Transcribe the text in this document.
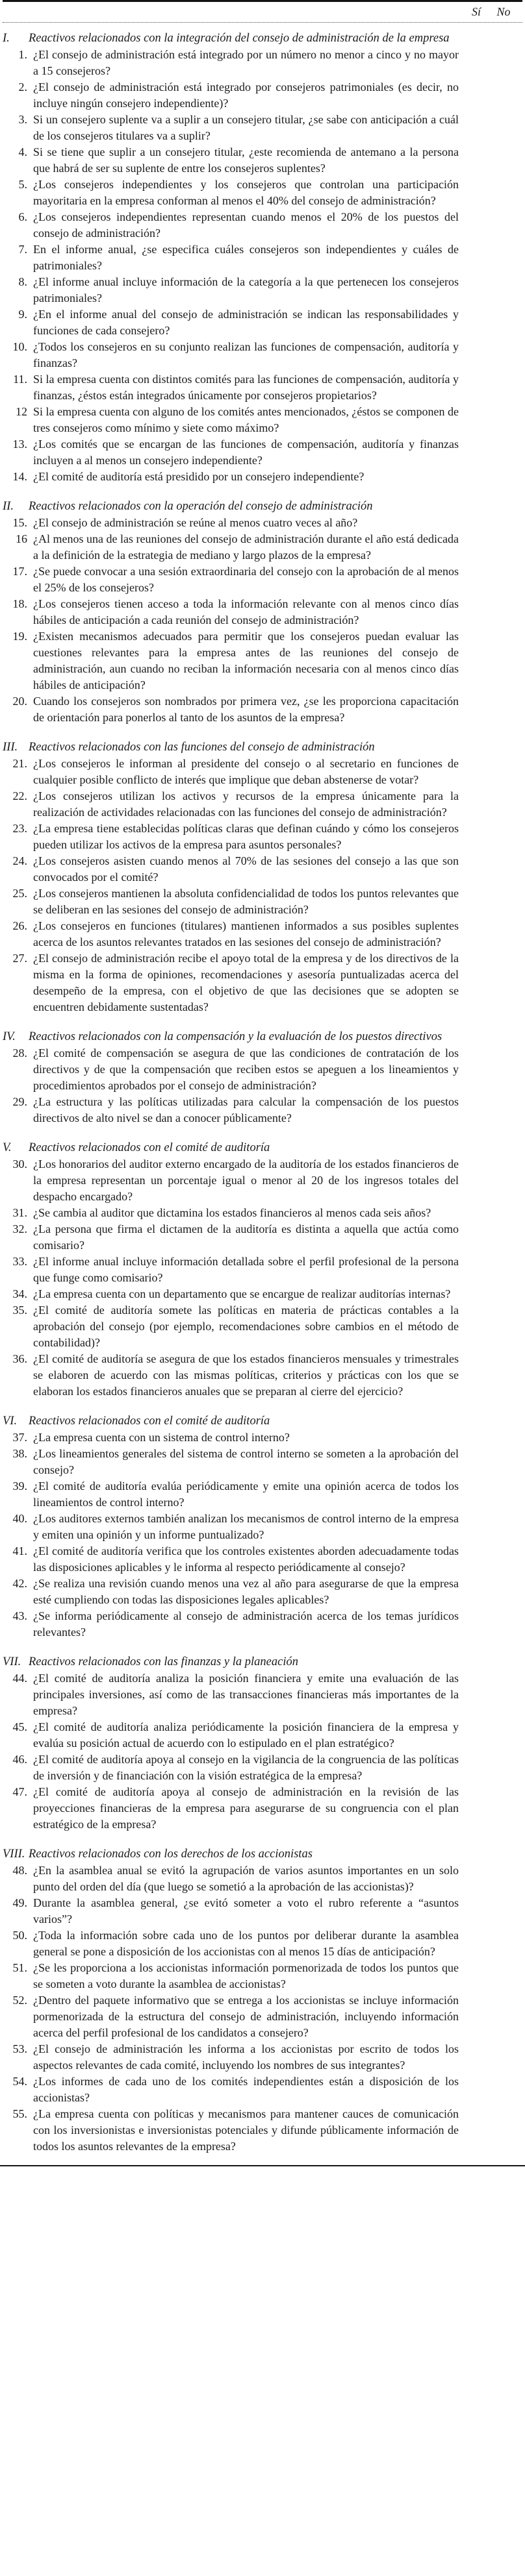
Sí	No
I.	Reactivos relacionados con la integración del consejo de administración de la empresa
1. ¿El consejo de administración está integrado por un número no menor a cinco y no mayor a 15 consejeros?
2. ¿El consejo de administración está integrado por consejeros patrimoniales (es decir, no incluye ningún consejero independiente)?
3. Si un consejero suplente va a suplir a un consejero titular, ¿se sabe con anticipación a cuál de los consejeros titulares va a suplir?
4. Si se tiene que suplir a un consejero titular, ¿este recomienda de antemano a la persona que habrá de ser su suplente de entre los consejeros suplentes?
5. ¿Los consejeros independientes y los consejeros que controlan una participación mayoritaria en la empresa conforman al menos el 40% del consejo de administración?
6. ¿Los consejeros independientes representan cuando menos el 20% de los puestos del consejo de administración?
7. En el informe anual, ¿se especifica cuáles consejeros son independientes y cuáles de patrimoniales?
8. ¿El informe anual incluye información de la categoría a la que pertenecen los consejeros patrimoniales?
9. ¿En el informe anual del consejo de administración se indican las responsabilidades y funciones de cada consejero?
10. ¿Todos los consejeros en su conjunto realizan las funciones de compensación, auditoría y finanzas?
11. Si la empresa cuenta con distintos comités para las funciones de compensación, auditoría y finanzas, ¿éstos están integrados únicamente por consejeros propietarios?
12 Si la empresa cuenta con alguno de los comités antes mencionados, ¿éstos se componen de tres consejeros como mínimo y siete como máximo?
13. ¿Los comités que se encargan de las funciones de compensación, auditoría y finanzas incluyen a al menos un consejero independiente?
14. ¿El comité de auditoría está presidido por un consejero independiente?
II.	Reactivos relacionados con la operación del consejo de administración
15. ¿El consejo de administración se reúne al menos cuatro veces al año?
16 ¿Al menos una de las reuniones del consejo de administración durante el año está dedicada a la definición de la estrategia de mediano y largo plazos de la empresa?
17. ¿Se puede convocar a una sesión extraordinaria del consejo con la aprobación de al menos el 25% de los consejeros?
18. ¿Los consejeros tienen acceso a toda la información relevante con al menos cinco días hábiles de anticipación a cada reunión del consejo de administración?
19. ¿Existen mecanismos adecuados para permitir que los consejeros puedan evaluar las cuestiones relevantes para la empresa antes de las reuniones del consejo de administración, aun cuando no reciban la información necesaria con al menos cinco días hábiles de anticipación?
20. Cuando los consejeros son nombrados por primera vez, ¿se les proporciona capacitación de orientación para ponerlos al tanto de los asuntos de la empresa?
III. Reactivos relacionados con las funciones del consejo de administración
21. ¿Los consejeros le informan al presidente del consejo o al secretario en funciones de cualquier posible conflicto de interés que implique que deban abstenerse de votar?
22. ¿Los consejeros utilizan los activos y recursos de la empresa únicamente para la realización de actividades relacionadas con las funciones del consejo de administración?
23. ¿La empresa tiene establecidas políticas claras que definan cuándo y cómo los consejeros pueden utilizar los activos de la empresa para asuntos personales?
24. ¿Los consejeros asisten cuando menos al 70% de las sesiones del consejo a las que son convocados por el comité?
25. ¿Los consejeros mantienen la absoluta confidencialidad de todos los puntos relevantes que se deliberan en las sesiones del consejo de administración?
26. ¿Los consejeros en funciones (titulares) mantienen informados a sus posibles suplentes acerca de los asuntos relevantes tratados en las sesiones del consejo de administración?
27. ¿El consejo de administración recibe el apoyo total de la empresa y de los directivos de la misma en la forma de opiniones, recomendaciones y asesoría puntualizadas acerca del desempeño de la empresa, con el objetivo de que las decisiones que se adopten se encuentren debidamente sustentadas?
IV.	Reactivos relacionados con la compensación y la evaluación de los puestos directivos
28. ¿El comité de compensación se asegura de que las condiciones de contratación de los directivos y de que la compensación que reciben estos se apeguen a los lineamientos y procedimientos aprobados por el consejo de administración?
29. ¿La estructura y las políticas utilizadas para calcular la compensación de los puestos directivos de alto nivel se dan a conocer públicamente?
V.	Reactivos relacionados con el comité de auditoría
30. ¿Los honorarios del auditor externo encargado de la auditoría de los estados financieros de la empresa representan un porcentaje igual o menor al 20 de los ingresos totales del despacho encargado?
31. ¿Se cambia al auditor que dictamina los estados financieros al menos cada seis años?
32. ¿La persona que firma el dictamen de la auditoría es distinta a aquella que actúa como comisario?
33. ¿El informe anual incluye información detallada sobre el perfil profesional de la persona que funge como comisario?
34. ¿La empresa cuenta con un departamento que se encargue de realizar auditorías internas?
35. ¿El comité de auditoría somete las políticas en materia de prácticas contables a la aprobación del consejo (por ejemplo, recomendaciones sobre cambios en el método de contabilidad)?
36. ¿El comité de auditoría se asegura de que los estados financieros mensuales y trimestrales se elaboren de acuerdo con las mismas políticas, criterios y prácticas con los que se elaboran los estados financieros anuales que se preparan al cierre del ejercicio?
VI. Reactivos relacionados con el comité de auditoría
37. ¿La empresa cuenta con un sistema de control interno?
38. ¿Los lineamientos generales del sistema de control interno se someten a la aprobación del consejo?
39. ¿El comité de auditoría evalúa periódicamente y emite una opinión acerca de todos los lineamientos de control interno?
40. ¿Los auditores externos también analizan los mecanismos de control interno de la empresa y emiten una opinión y un informe puntualizado?
41. ¿El comité de auditoría verifica que los controles existentes aborden adecuadamente todas las disposiciones aplicables y le informa al respecto periódicamente al consejo?
42. ¿Se realiza una revisión cuando menos una vez al año para asegurarse de que la empresa esté cumpliendo con todas las disposiciones legales aplicables?
43. ¿Se informa periódicamente al consejo de administración acerca de los temas jurídicos relevantes?
VII. Reactivos relacionados con las finanzas y la planeación
44. ¿El comité de auditoría analiza la posición financiera y emite una evaluación de las principales inversiones, así como de las transacciones financieras más importantes de la empresa?
45. ¿El comité de auditoría analiza periódicamente la posición financiera de la empresa y evalúa su posición actual de acuerdo con lo estipulado en el plan estratégico?
46. ¿El comité de auditoría apoya al consejo en la vigilancia de la congruencia de las políticas de inversión y de financiación con la visión estratégica de la empresa?
47. ¿El comité de auditoría apoya al consejo de administración en la revisión de las proyecciones financieras de la empresa para asegurarse de su congruencia con el plan estratégico de la empresa?
VIII. Reactivos relacionados con los derechos de los accionistas
48. ¿En la asamblea anual se evitó la agrupación de varios asuntos importantes en un solo punto del orden del día (que luego se sometió a la aprobación de las accionistas)?
49. Durante la asamblea general, ¿se evitó someter a voto el rubro referente a “asuntos varios”?
50. ¿Toda la información sobre cada uno de los puntos por deliberar durante la asamblea general se pone a disposición de los accionistas con al menos 15 días de anticipación?
51. ¿Se les proporciona a los accionistas información pormenorizada de todos los puntos que se someten a voto durante la asamblea de accionistas?
52. ¿Dentro del paquete informativo que se entrega a los accionistas se incluye información pormenorizada de la estructura del consejo de administración, incluyendo información acerca del perfil profesional de los candidatos a consejero?
53. ¿El consejo de administración les informa a los accionistas por escrito de todos los aspectos relevantes de cada comité, incluyendo los nombres de sus integrantes?
54. ¿Los informes de cada uno de los comités independientes están a disposición de los accionistas?
55. ¿La empresa cuenta con políticas y mecanismos para mantener cauces de comunicación con los inversionistas e inversionistas potenciales y difunde públicamente información de todos los asuntos relevantes de la empresa?
